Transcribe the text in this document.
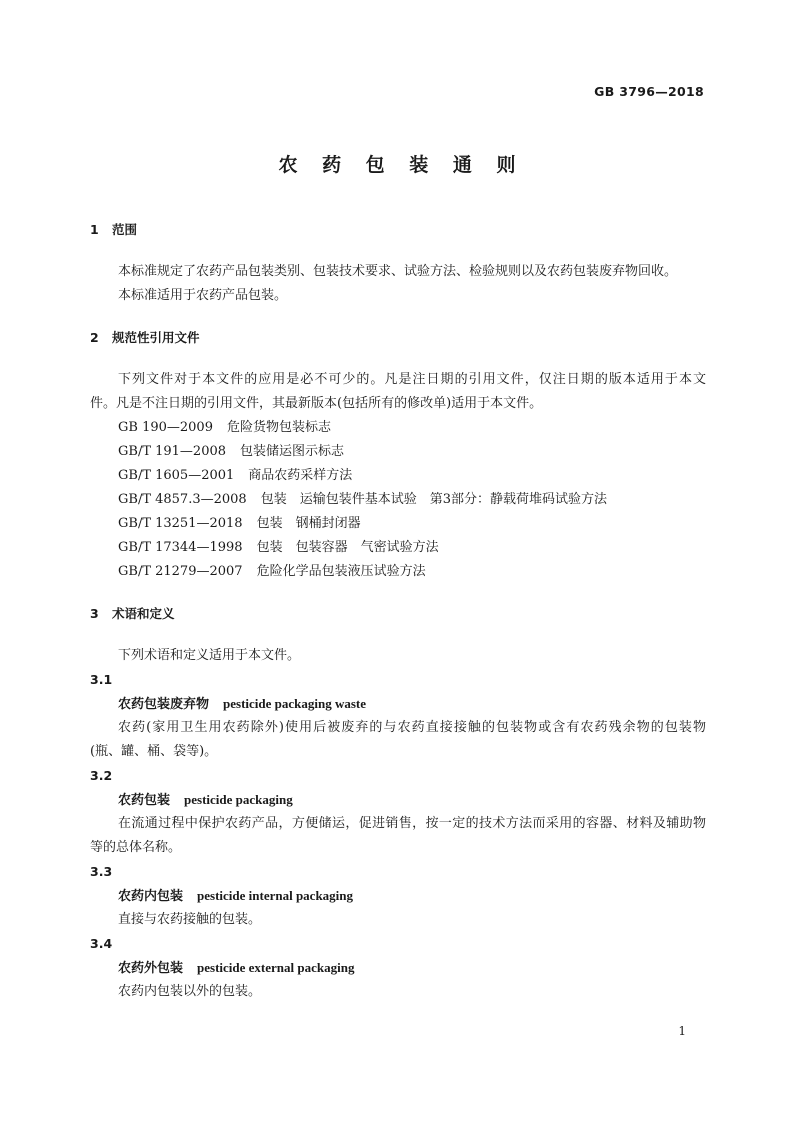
GB 3796—2018
农 药 包 装 通 则
1 范围
本标准规定了农药产品包装类别、包装技术要求、试验方法、检验规则以及农药包装废弃物回收。
本标准适用于农药产品包装。
2 规范性引用文件
下列文件对于本文件的应用是必不可少的。凡是注日期的引用文件，仅注日期的版本适用于本文
件。凡是不注日期的引用文件，其最新版本(包括所有的修改单)适用于本文件。
GB 190—2009 危险货物包装标志
GB/T 191—2008 包装储运图示标志
GB/T 1605—2001 商品农药采样方法
GB/T 4857.3—2008 包装　运输包装件基本试验　第3部分：静载荷堆码试验方法
GB/T 13251—2018 包装　钢桶封闭器
GB/T 17344—1998 包装　包装容器　气密试验方法
GB/T 21279—2007 危险化学品包装液压试验方法
3 术语和定义
下列术语和定义适用于本文件。
3.1
农药包装废弃物 pesticide packaging waste
农药(家用卫生用农药除外)使用后被废弃的与农药直接接触的包装物或含有农药残余物的包装物
(瓶、罐、桶、袋等)。
3.2
农药包装 pesticide packaging
在流通过程中保护农药产品，方便储运，促进销售，按一定的技术方法而采用的容器、材料及辅助物
等的总体名称。
3.3
农药内包装 pesticide internal packaging
直接与农药接触的包装。
3.4
农药外包装 pesticide external packaging
农药内包装以外的包装。
1
